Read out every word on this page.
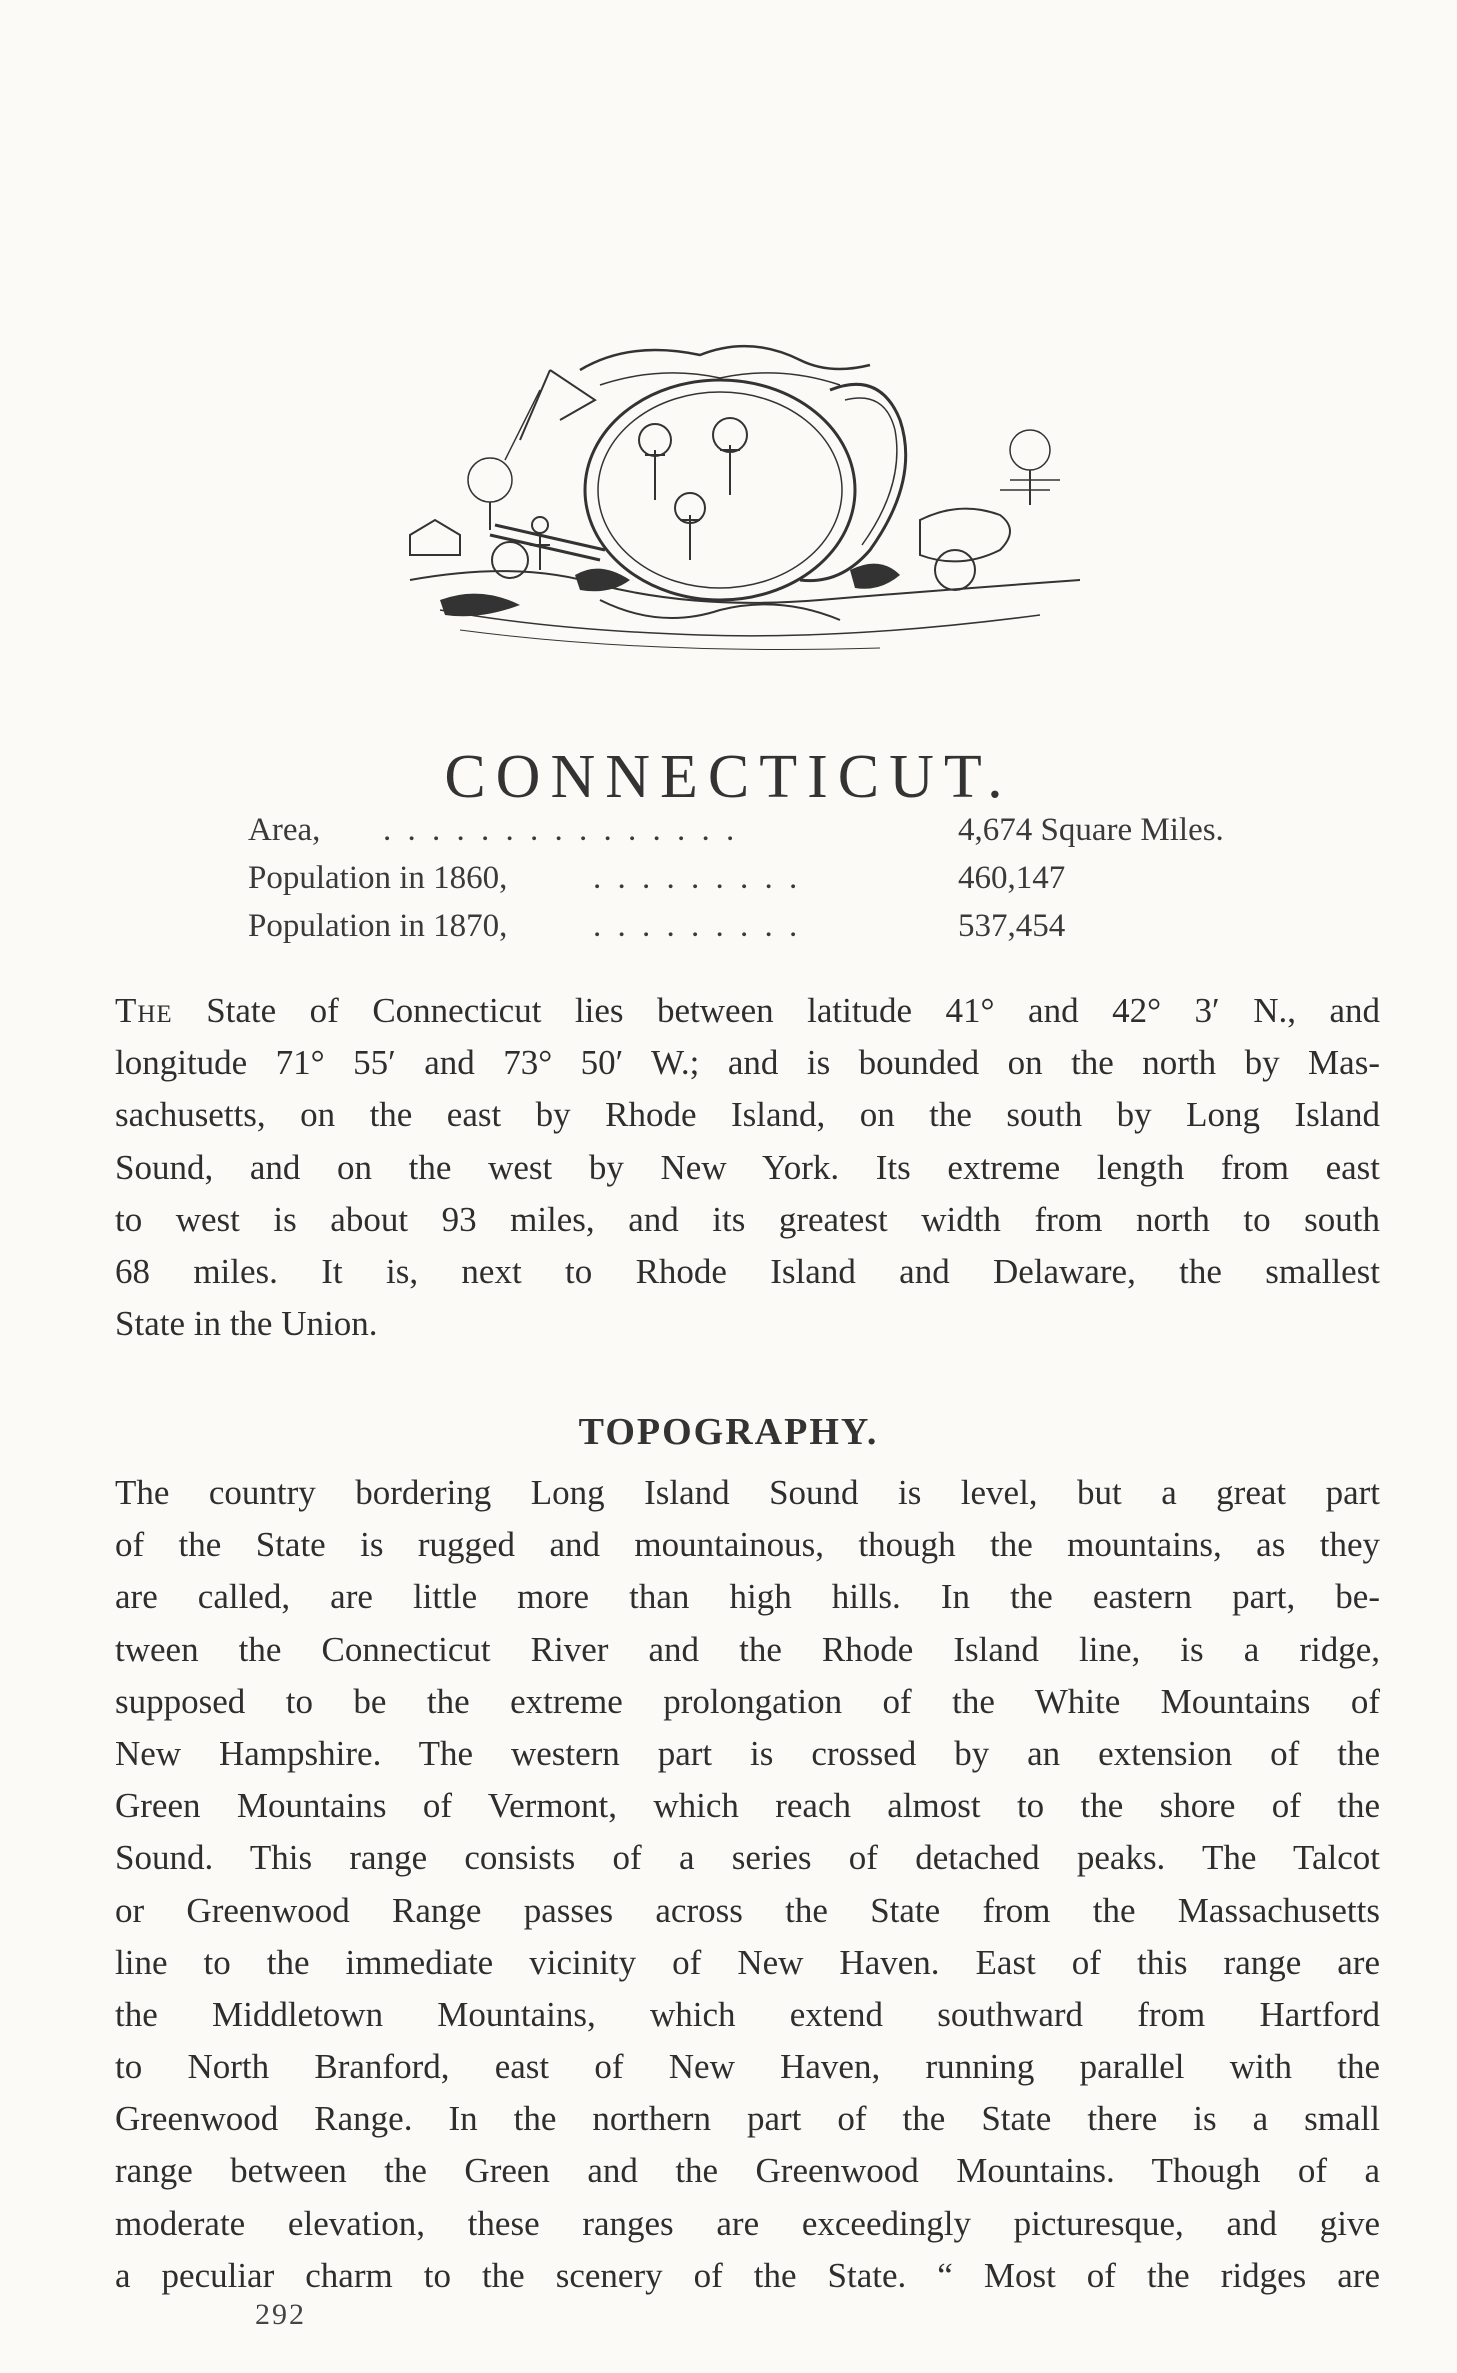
CONNECTICUT.
Area, . . . . . . . . . . . . . . .	4,674 Square Miles.
Population in 1860,	. . . . . . . . .	460,147
Population in 1870,	. . . . . . . . .	537,454
The State of Connecticut lies between latitude 41° and 42° 3′ N., and
longitude 71° 55′ and 73° 50′ W.; and is bounded on the north by Mas-
sachusetts, on the east by Rhode Island, on the south by Long Island
Sound, and on the west by New York. Its extreme length from east
to west is about 93 miles, and its greatest width from north to south
68 miles. It is, next to Rhode Island and Delaware, the smallest
State in the Union.
TOPOGRAPHY.
The country bordering Long Island Sound is level, but a great part
of the State is rugged and mountainous, though the mountains, as they
are called, are little more than high hills. In the eastern part, be-
tween the Connecticut River and the Rhode Island line, is a ridge,
supposed to be the extreme prolongation of the White Mountains of
New Hampshire. The western part is crossed by an extension of the
Green Mountains of Vermont, which reach almost to the shore of the
Sound. This range consists of a series of detached peaks. The Talcot
or Greenwood Range passes across the State from the Massachusetts
line to the immediate vicinity of New Haven. East of this range are
the Middletown Mountains, which extend southward from Hartford
to North Branford, east of New Haven, running parallel with the
Greenwood Range. In the northern part of the State there is a small
range between the Green and the Greenwood Mountains. Though of a
moderate elevation, these ranges are exceedingly picturesque, and give
a peculiar charm to the scenery of the State. “ Most of the ridges are
292
